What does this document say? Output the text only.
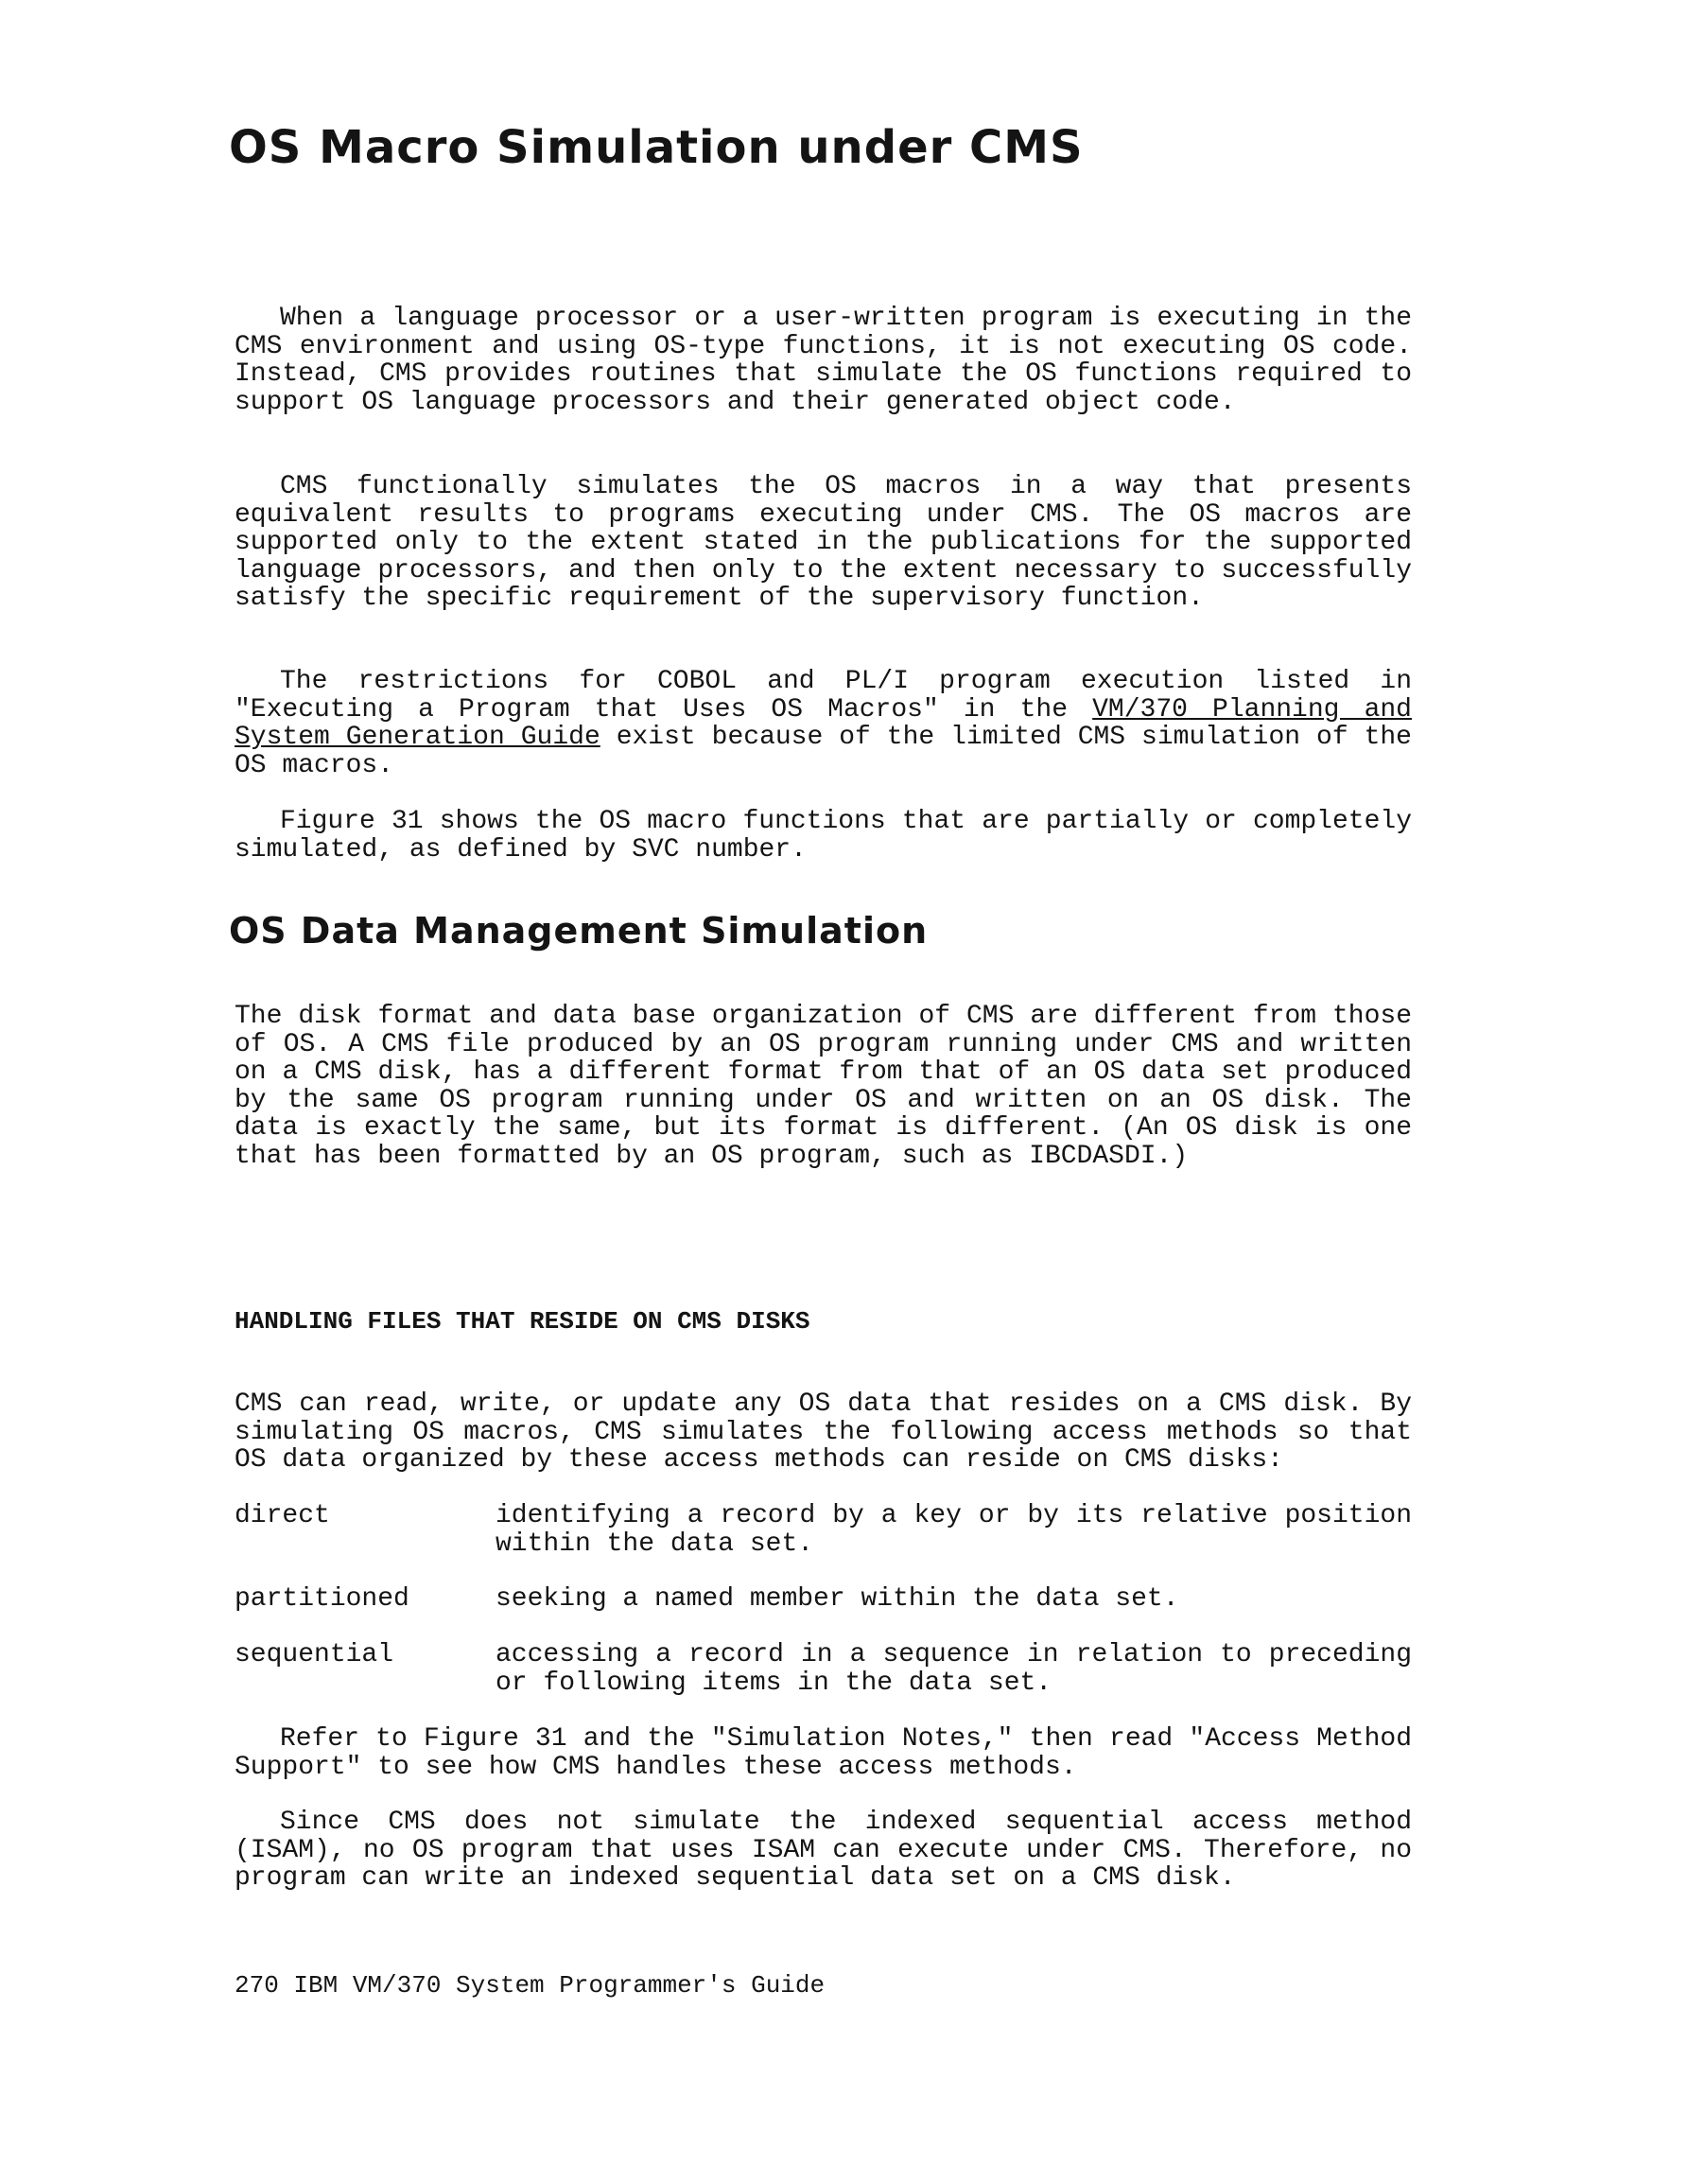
OS Macro Simulation under CMS

When a language processor or a user-written program is executing in the CMS environment and using OS-type functions, it is not executing OS code. Instead, CMS provides routines that simulate the OS functions required to support OS language processors and their generated object code.

CMS functionally simulates the OS macros in a way that presents equivalent results to programs executing under CMS. The OS macros are supported only to the extent stated in the publications for the supported language processors, and then only to the extent necessary to successfully satisfy the specific requirement of the supervisory function.

The restrictions for COBOL and PL/I program execution listed in "Executing a Program that Uses OS Macros" in the VM/370 Planning and System Generation Guide exist because of the limited CMS simulation of the OS macros.

Figure 31 shows the OS macro functions that are partially or completely simulated, as defined by SVC number.

OS Data Management Simulation

The disk format and data base organization of CMS are different from those of OS. A CMS file produced by an OS program running under CMS and written on a CMS disk, has a different format from that of an OS data set produced by the same OS program running under OS and written on an OS disk. The data is exactly the same, but its format is different. (An OS disk is one that has been formatted by an OS program, such as IBCDASDI.)

HANDLING FILES THAT RESIDE ON CMS DISKS

CMS can read, write, or update any OS data that resides on a CMS disk. By simulating OS macros, CMS simulates the following access methods so that OS data organized by these access methods can reside on CMS disks:

direct	identifying a record by a key or by its relative position within the data set.
partitioned	seeking a named member within the data set.
sequential	accessing a record in a sequence in relation to preceding or following items in the data set.

Refer to Figure 31 and the "Simulation Notes," then read "Access Method Support" to see how CMS handles these access methods.

Since CMS does not simulate the indexed sequential access method (ISAM), no OS program that uses ISAM can execute under CMS. Therefore, no program can write an indexed sequential data set on a CMS disk.

270 IBM VM/370 System Programmer's Guide
